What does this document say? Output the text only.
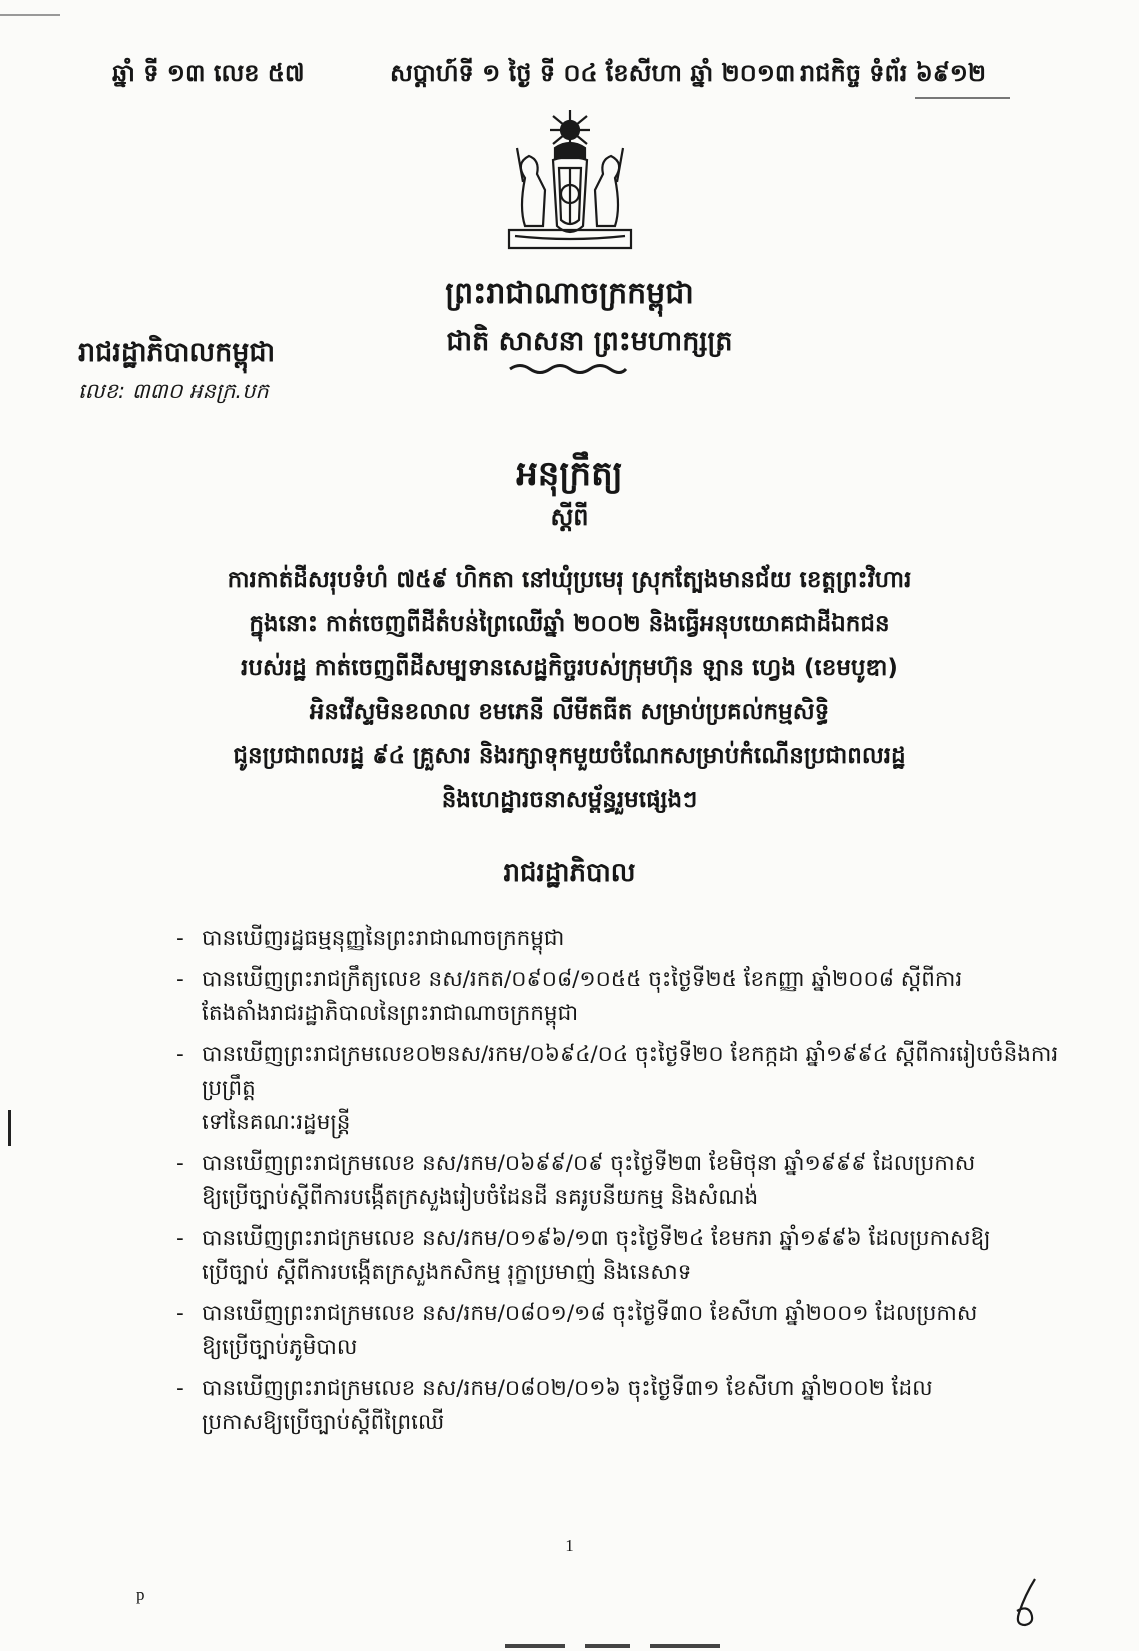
ឆ្នាំ ទី ១៣ លេខ ៥៧	សប្តាហ៍ទី ១ ថ្ងៃ ទី ០៤ ខែសីហា ឆ្នាំ ២០១៣ រាជកិច្ច ទំព័រ ៦៩១២
ព្រះរាជាណាចក្រកម្ពុជា
ជាតិ សាសនា ព្រះមហាក្សត្រ
រាជរដ្ឋាភិបាលកម្ពុជា
លេខ: ៣៣០ អនក្រ.បក
អនុក្រឹត្យ
ស្តីពី
ការកាត់ដីសរុបទំហំ ៧៥៩ ហិកតា នៅឃុំប្រមេរុ ស្រុកត្បែងមានជ័យ ខេត្តព្រះវិហារ
ក្នុងនោះ កាត់ចេញពីដីតំបន់ព្រៃឈើឆ្នាំ ២០០២ និងធ្វើអនុបយោគជាដីឯកជន
របស់រដ្ឋ កាត់ចេញពីដីសម្បទានសេដ្ឋកិច្ចរបស់ក្រុមហ៊ុន ឡាន ហ្វេង (ខេមបូឌា)
អិនវើស្ទមិនខលាល ខមភេនី លីមីតធីត សម្រាប់ប្រគល់កម្មសិទ្ធិ
ជូនប្រជាពលរដ្ឋ ៩៤ គ្រួសារ និងរក្សាទុកមួយចំណែកសម្រាប់កំណើនប្រជាពលរដ្ឋ
និងហេដ្ឋារចនាសម្ព័ន្ធរួមផ្សេងៗ
រាជរដ្ឋាភិបាល
- បានឃើញរដ្ឋធម្មនុញ្ញនៃព្រះរាជាណាចក្រកម្ពុជា
- បានឃើញព្រះរាជក្រឹត្យលេខ នស/រកត/០៩០៨/១០៥៥ ចុះថ្ងៃទី២៥ ខែកញ្ញា ឆ្នាំ២០០៨ ស្តីពីការ
តែងតាំងរាជរដ្ឋាភិបាលនៃព្រះរាជាណាចក្រកម្ពុជា
- បានឃើញព្រះរាជក្រមលេខ០២នស/រកម/០៦៩៤/០៤ ចុះថ្ងៃទី២០ ខែកក្កដា ឆ្នាំ១៩៩៤ ស្តីពីការរៀបចំនិងការប្រព្រឹត្ត
ទៅនៃគណៈរដ្ឋមន្ត្រី
- បានឃើញព្រះរាជក្រមលេខ នស/រកម/០៦៩៩/០៩ ចុះថ្ងៃទី២៣ ខែមិថុនា ឆ្នាំ១៩៩៩ ដែលប្រកាស
ឱ្យប្រើច្បាប់ស្តីពីការបង្កើតក្រសួងរៀបចំដែនដី នគរូបនីយកម្ម និងសំណង់
- បានឃើញព្រះរាជក្រមលេខ នស/រកម/០១៩៦/១៣ ចុះថ្ងៃទី២៤ ខែមករា ឆ្នាំ១៩៩៦ ដែលប្រកាសឱ្យ
ប្រើច្បាប់ ស្តីពីការបង្កើតក្រសួងកសិកម្ម រុក្ខាប្រមាញ់ និងនេសាទ
- បានឃើញព្រះរាជក្រមលេខ នស/រកម/០៨០១/១៨ ចុះថ្ងៃទី៣០ ខែសីហា ឆ្នាំ២០០១ ដែលប្រកាស
ឱ្យប្រើច្បាប់ភូមិបាល
- បានឃើញព្រះរាជក្រមលេខ នស/រកម/០៨០២/០១៦ ចុះថ្ងៃទី៣១ ខែសីហា ឆ្នាំ២០០២ ដែល
ប្រកាសឱ្យប្រើច្បាប់ស្តីពីព្រៃឈើ
1
p
